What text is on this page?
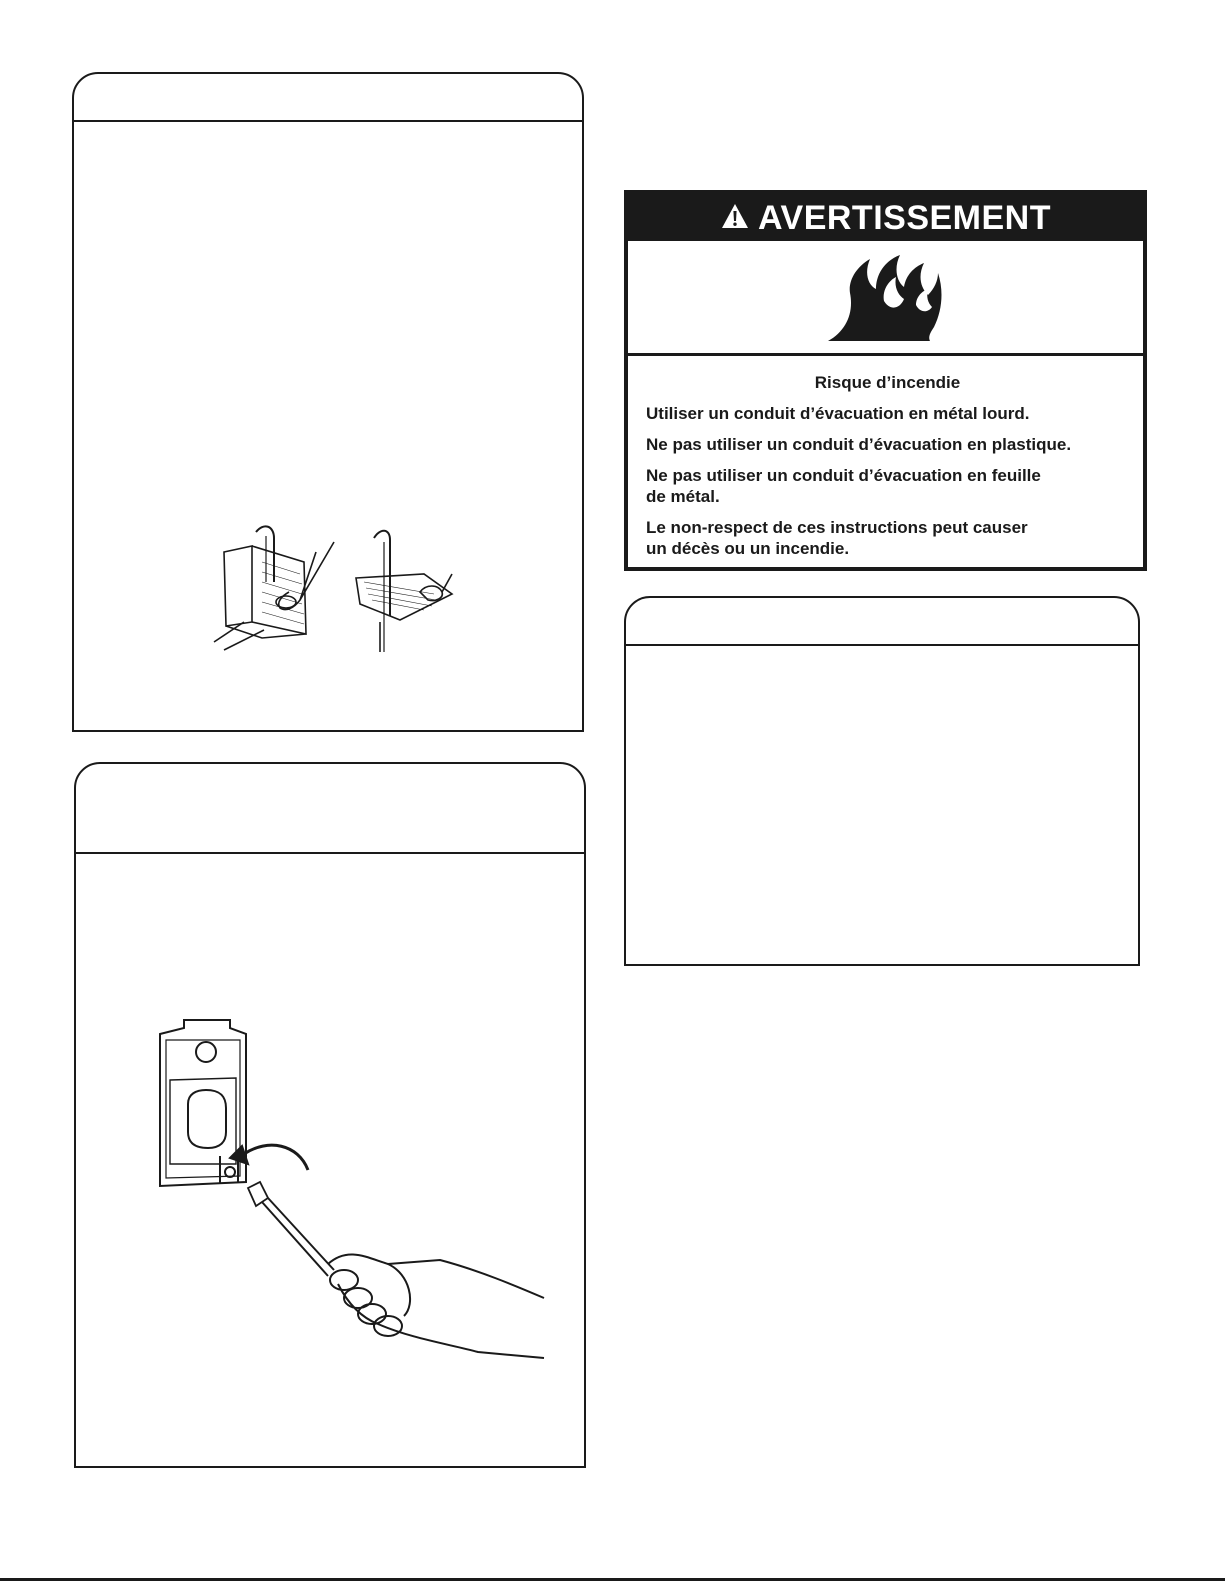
AVERTISSEMENT
Risque d’incendie
Utiliser un conduit d’évacuation en métal lourd.
Ne pas utiliser un conduit d’évacuation en plastique.
Ne pas utiliser un conduit d’évacuation en feuille
de métal.
Le non-respect de ces instructions peut causer
un décès ou un incendie.
